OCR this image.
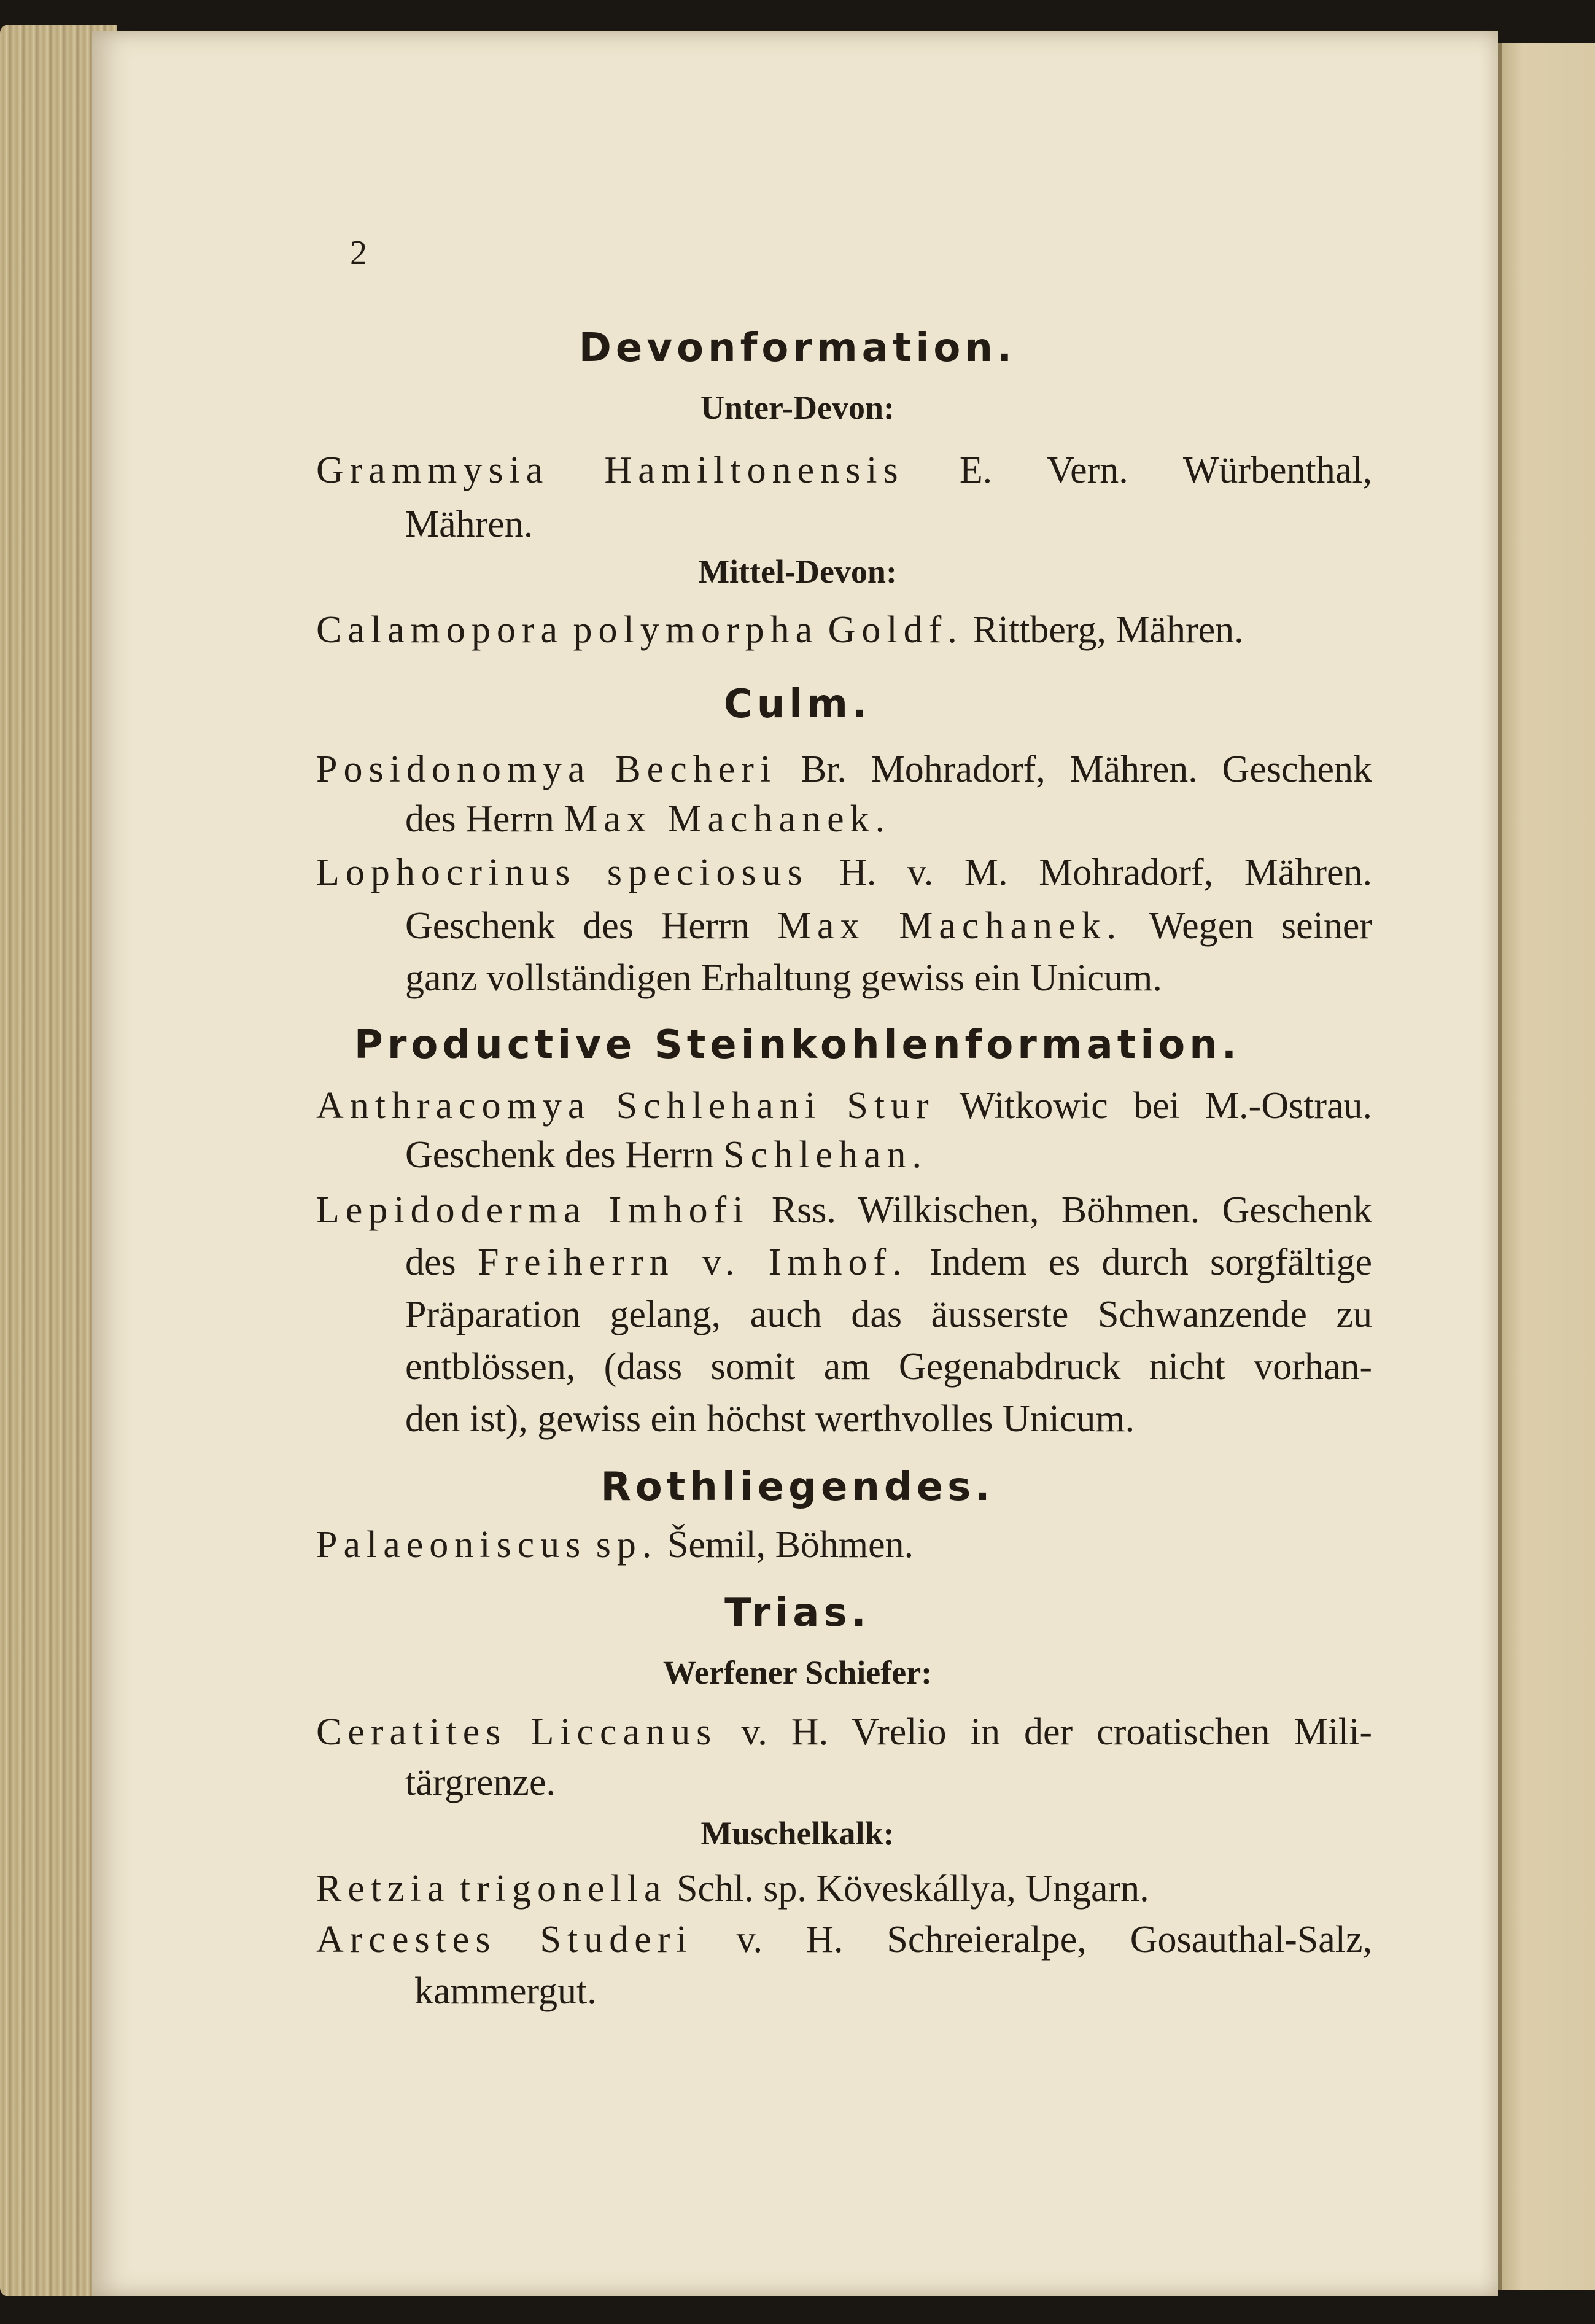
2
Devonformation.
Unter-Devon:
Grammysia Hamiltonensis E. Vern. Würbenthal,
Mähren.
Mittel-Devon:
Calamopora polymorpha Goldf. Rittberg, Mähren.
Culm.
Posidonomya Becheri Br. Mohradorf, Mähren. Geschenk
des Herrn Max Machanek.
Lophocrinus speciosus H. v. M. Mohradorf, Mähren.
Geschenk des Herrn Max Machanek. Wegen seiner
ganz vollständigen Erhaltung gewiss ein Unicum.
Productive Steinkohlenformation.
Anthracomya Schlehani Stur Witkowic bei M.-Ostrau.
Geschenk des Herrn Schlehan.
Lepidoderma Imhofi Rss. Wilkischen, Böhmen. Geschenk
des Freiherrn v. Imhof. Indem es durch sorgfältige
Präparation gelang, auch das äusserste Schwanzende zu
entblössen, (dass somit am Gegenabdruck nicht vorhan-
den ist), gewiss ein höchst werthvolles Unicum.
Rothliegendes.
Palaeoniscus sp. Šemil, Böhmen.
Trias.
Werfener Schiefer:
Ceratites Liccanus v. H. Vrelio in der croatischen Mili-
tärgrenze.
Muschelkalk:
Retzia trigonella Schl. sp. Köveskállya, Ungarn.
Arcestes Studeri v. H. Schreieralpe, Gosauthal-Salz,
kammergut.
